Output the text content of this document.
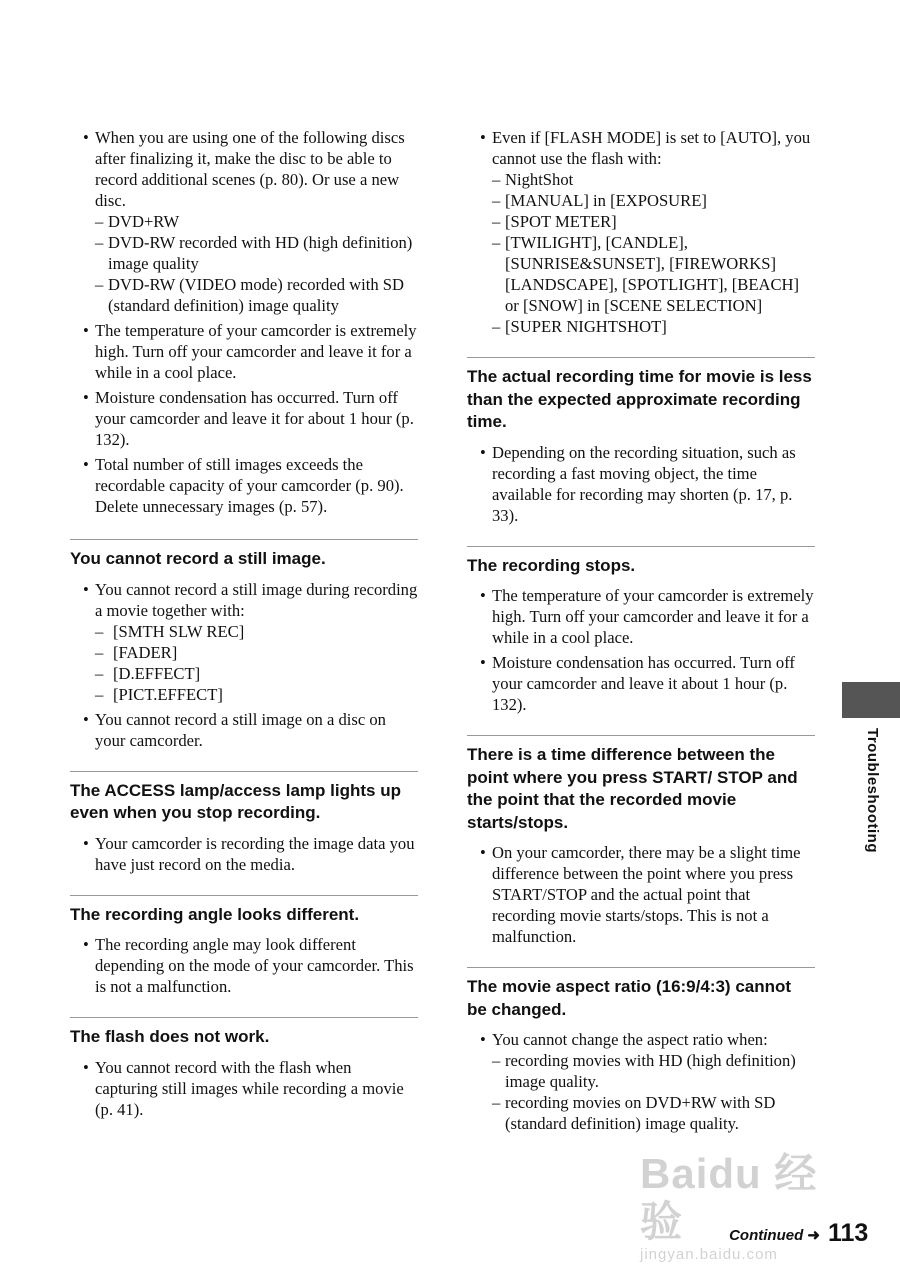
• When you are using one of the following discs after finalizing it, make the disc to be able to record additional scenes (p. 80). Or use a new disc.
– DVD+RW
– DVD-RW recorded with HD (high definition) image quality
– DVD-RW (VIDEO mode) recorded with SD (standard definition) image quality
• The temperature of your camcorder is extremely high. Turn off your camcorder and leave it for a while in a cool place.
• Moisture condensation has occurred. Turn off your camcorder and leave it for about 1 hour (p. 132).
• Total number of still images exceeds the recordable capacity of your camcorder (p. 90). Delete unnecessary images (p. 57).
You cannot record a still image.
• You cannot record a still image during recording a movie together with:
– [SMTH SLW REC]
– [FADER]
– [D.EFFECT]
– [PICT.EFFECT]
• You cannot record a still image on a disc on your camcorder.
The ACCESS lamp/access lamp lights up even when you stop recording.
• Your camcorder is recording the image data you have just record on the media.
The recording angle looks different.
• The recording angle may look different depending on the mode of your camcorder. This is not a malfunction.
The flash does not work.
• You cannot record with the flash when capturing still images while recording a movie (p. 41).
• Even if [FLASH MODE] is set to [AUTO], you cannot use the flash with:
– NightShot
– [MANUAL] in [EXPOSURE]
– [SPOT METER]
– [TWILIGHT], [CANDLE], [SUNRISE&SUNSET], [FIREWORKS] [LANDSCAPE], [SPOTLIGHT], [BEACH] or [SNOW] in [SCENE SELECTION]
– [SUPER NIGHTSHOT]
The actual recording time for movie is less than the expected approximate recording time.
• Depending on the recording situation, such as recording a fast moving object, the time available for recording may shorten (p. 17, p. 33).
The recording stops.
• The temperature of your camcorder is extremely high. Turn off your camcorder and leave it for a while in a cool place.
• Moisture condensation has occurred. Turn off your camcorder and leave it about 1 hour (p. 132).
There is a time difference between the point where you press START/ STOP and the point that the recorded movie starts/stops.
• On your camcorder, there may be a slight time difference between the point where you press START/STOP and the actual point that recording movie starts/stops. This is not a malfunction.
The movie aspect ratio (16:9/4:3) cannot be changed.
• You cannot change the aspect ratio when:
– recording movies with HD (high definition) image quality.
– recording movies on DVD+RW with SD (standard definition) image quality.
Troubleshooting
Baidu 经验
jingyan.baidu.com
Continued ➜ 113
